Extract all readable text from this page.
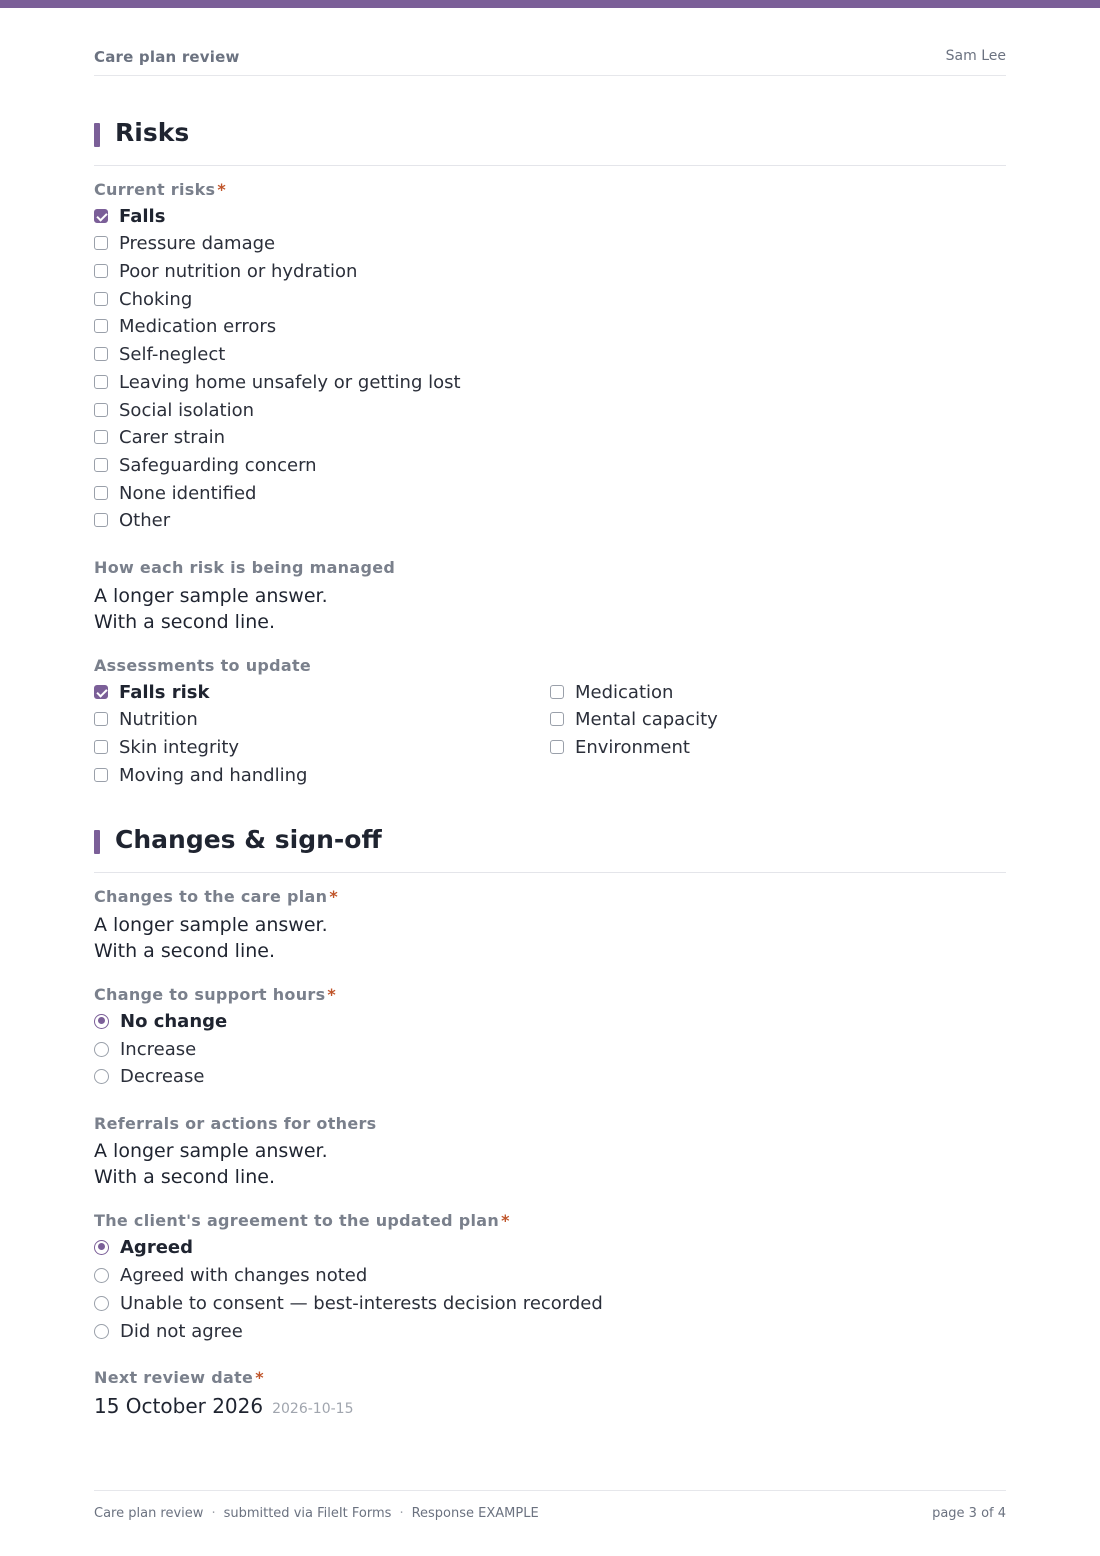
Care plan review	Sam Lee
Risks
Current risks *
Falls
Pressure damage
Poor nutrition or hydration
Choking
Medication errors
Self-neglect
Leaving home unsafely or getting lost
Social isolation
Carer strain
Safeguarding concern
None identified
Other
How each risk is being managed
A longer sample answer.
With a second line.
Assessments to update
Falls risk
Nutrition
Skin integrity
Moving and handling
Medication
Mental capacity
Environment
Changes & sign-off
Changes to the care plan *
A longer sample answer.
With a second line.
Change to support hours *
No change
Increase
Decrease
Referrals or actions for others
A longer sample answer.
With a second line.
The client's agreement to the updated plan *
Agreed
Agreed with changes noted
Unable to consent — best-interests decision recorded
Did not agree
Next review date *
15 October 2026 2026-10-15
Care plan review · submitted via FileIt Forms · Response EXAMPLE	page 3 of 4
